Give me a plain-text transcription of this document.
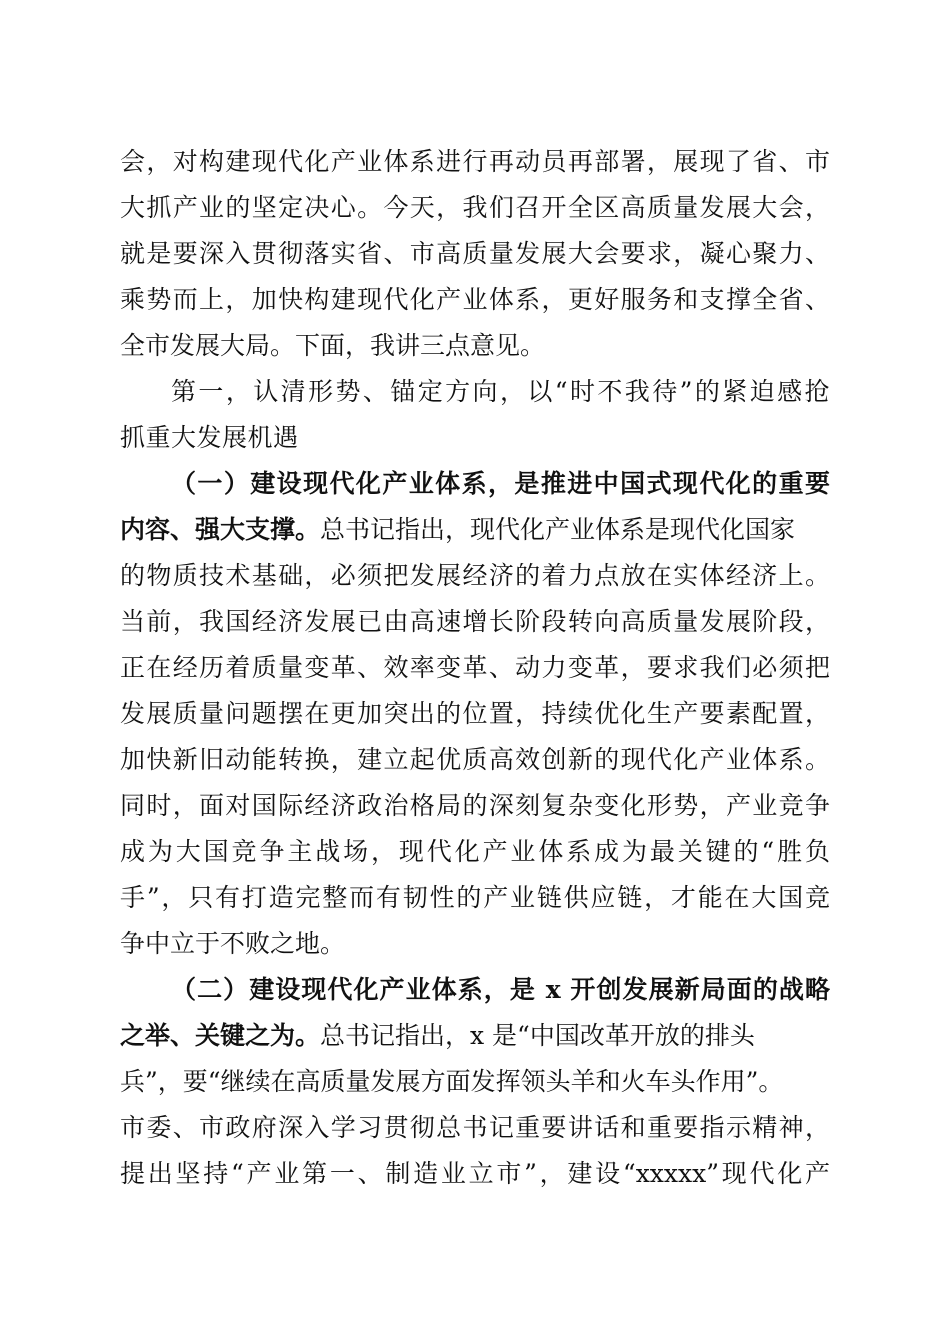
会，对构建现代化产业体系进行再动员再部署，展现了省、市
大抓产业的坚定决心。今天，我们召开全区高质量发展大会，
就是要深入贯彻落实省、市高质量发展大会要求，凝心聚力、
乘势而上，加快构建现代化产业体系，更好服务和支撑全省、
全市发展大局。下面，我讲三点意见。
第一，认清形势、锚定方向，以“时不我待”的紧迫感抢
抓重大发展机遇
（一）建设现代化产业体系，是推进中国式现代化的重要
内容、强大支撑。总书记指出，现代化产业体系是现代化国家
的物质技术基础，必须把发展经济的着力点放在实体经济上。
当前，我国经济发展已由高速增长阶段转向高质量发展阶段，
正在经历着质量变革、效率变革、动力变革，要求我们必须把
发展质量问题摆在更加突出的位置，持续优化生产要素配置，
加快新旧动能转换，建立起优质高效创新的现代化产业体系。
同时，面对国际经济政治格局的深刻复杂变化形势，产业竞争
成为大国竞争主战场，现代化产业体系成为最关键的“胜负
手”，只有打造完整而有韧性的产业链供应链，才能在大国竞
争中立于不败之地。
（二）建设现代化产业体系，是 x 开创发展新局面的战略
之举、关键之为。总书记指出，x 是“中国改革开放的排头
兵”，要“继续在高质量发展方面发挥领头羊和火车头作用”。
市委、市政府深入学习贯彻总书记重要讲话和重要指示精神，
提出坚持“产业第一、制造业立市”，建设“xxxxx”现代化产
